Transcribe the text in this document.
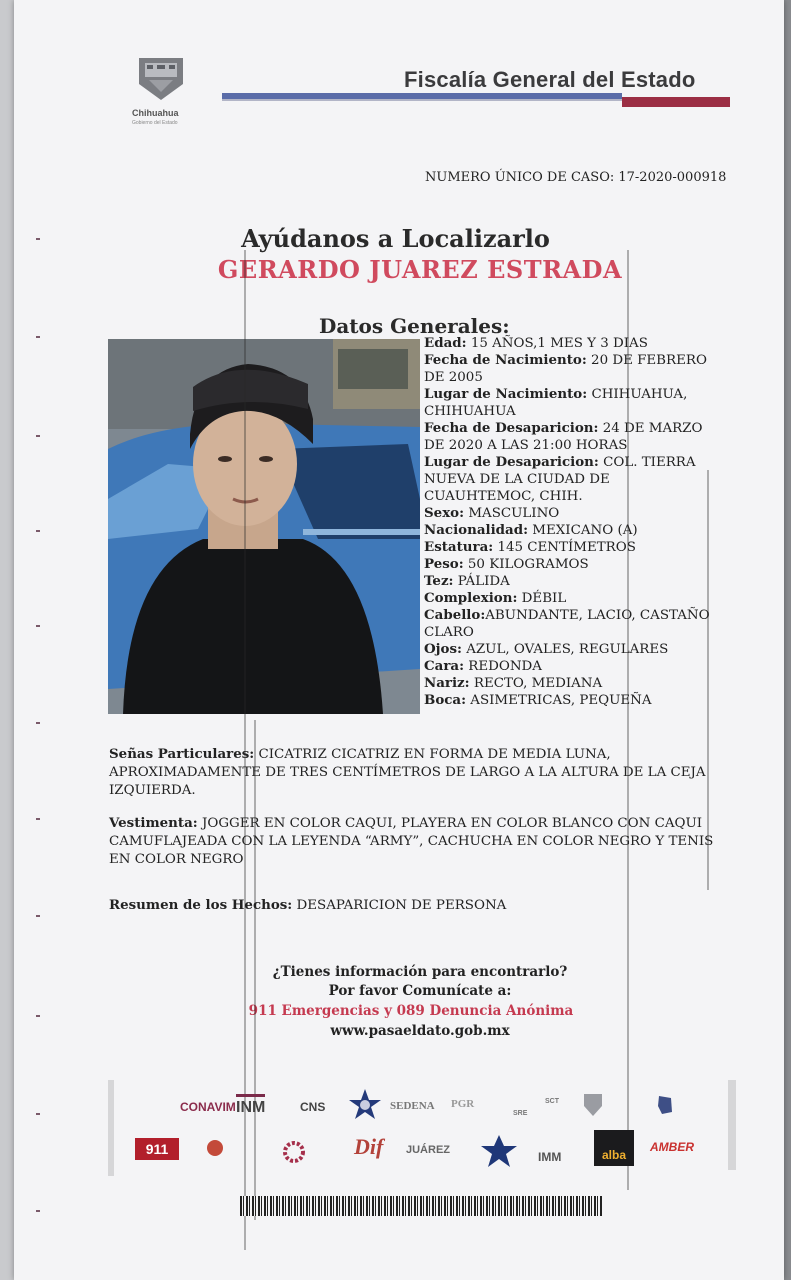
Chihuahua
Gobierno del Estado
Fiscalía General del Estado
NUMERO ÚNICO DE CASO: 17-2020-000918
Ayúdanos a Localizarlo
GERARDO JUAREZ ESTRADA
Datos Generales:
Edad: 15 AÑOS,1 MES Y 3 DIAS
Fecha de Nacimiento: 20 DE FEBRERO DE 2005
Lugar de Nacimiento: CHIHUAHUA, CHIHUAHUA
Fecha de Desaparicion: 24 DE MARZO DE 2020 A LAS 21:00 HORAS
Lugar de Desaparicion: COL. TIERRA NUEVA DE LA CIUDAD DE CUAUHTEMOC, CHIH.
Sexo: MASCULINO
Nacionalidad: MEXICANO (A)
Estatura: 145 CENTÍMETROS
Peso: 50 KILOGRAMOS
Tez: PÁLIDA
Complexion: DÉBIL
Cabello:ABUNDANTE, LACIO, CASTAÑO CLARO
Ojos: AZUL, OVALES, REGULARES
Cara: REDONDA
Nariz: RECTO, MEDIANA
Boca: ASIMETRICAS, PEQUEÑA
Señas Particulares: CICATRIZ CICATRIZ EN FORMA DE MEDIA LUNA, APROXIMADAMENTE DE TRES CENTÍMETROS DE LARGO A LA ALTURA DE LA CEJA IZQUIERDA.
Vestimenta: JOGGER EN COLOR CAQUI, PLAYERA EN COLOR BLANCO CON CAQUI CAMUFLAJEADA CON LA LEYENDA “ARMY”, CACHUCHA EN COLOR NEGRO Y TENIS EN COLOR NEGRO
Resumen de los Hechos: DESAPARICION DE PERSONA
¿Tienes información para encontrarlo?
Por favor Comunícate a:
911 Emergencias y 089 Denuncia Anónima
www.pasaeldato.gob.mx
CONAVIM INM	CNS	SEDENA PGR
SRE
SCT
911	Dif JUÁREZ	IMM	alba
AMBER
